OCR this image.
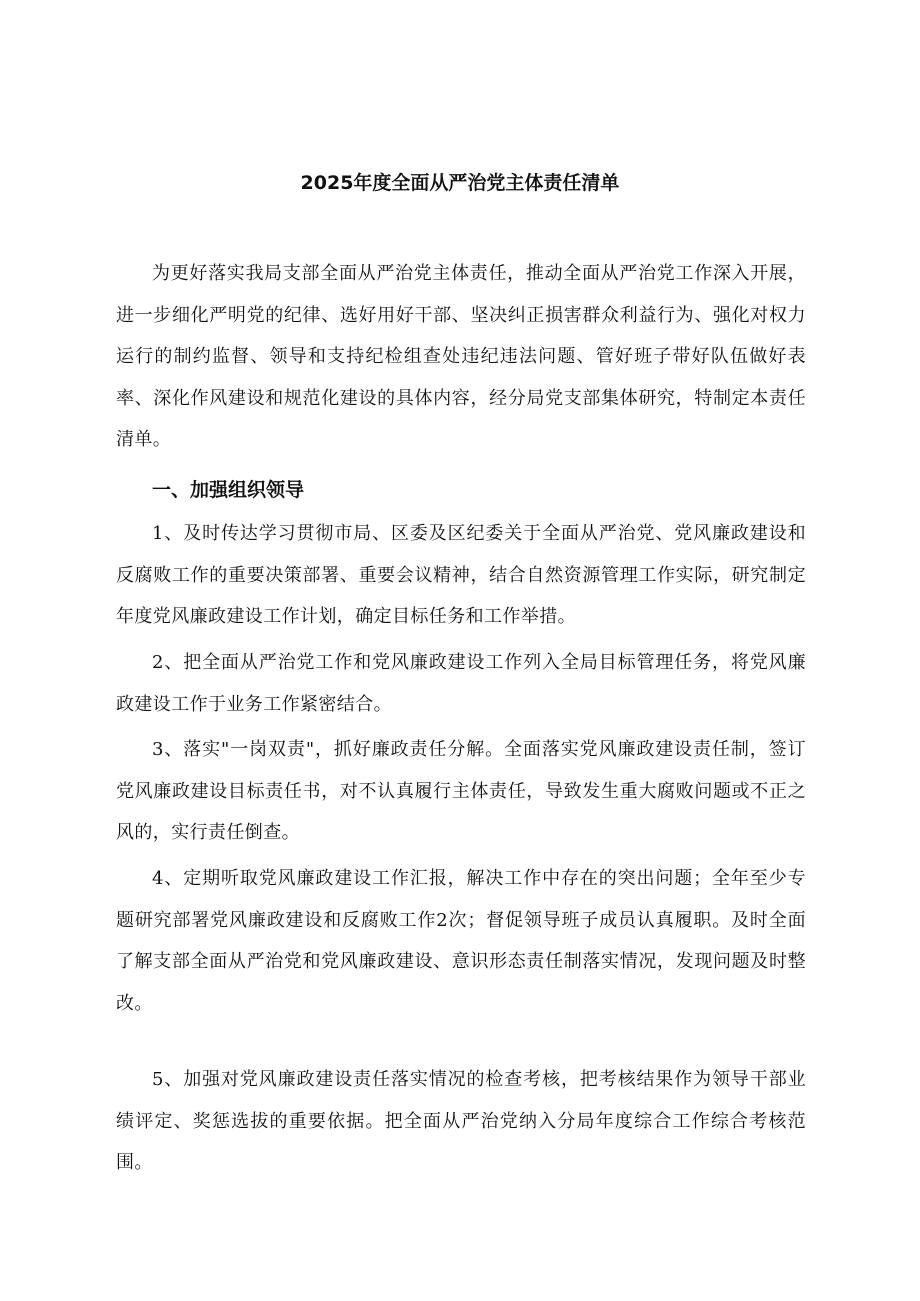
2025年度全面从严治党主体责任清单

为更好落实我局支部全面从严治党主体责任，推动全面从严治党工作深入开展，进一步细化严明党的纪律、选好用好干部、坚决纠正损害群众利益行为、强化对权力运行的制约监督、领导和支持纪检组查处违纪违法问题、管好班子带好队伍做好表率、深化作风建设和规范化建设的具体内容，经分局党支部集体研究，特制定本责任清单。

一、加强组织领导

1、及时传达学习贯彻市局、区委及区纪委关于全面从严治党、党风廉政建设和反腐败工作的重要决策部署、重要会议精神，结合自然资源管理工作实际，研究制定年度党风廉政建设工作计划，确定目标任务和工作举措。

2、把全面从严治党工作和党风廉政建设工作列入全局目标管理任务，将党风廉政建设工作于业务工作紧密结合。

3、落实"一岗双责"，抓好廉政责任分解。全面落实党风廉政建设责任制，签订党风廉政建设目标责任书，对不认真履行主体责任，导致发生重大腐败问题或不正之风的，实行责任倒查。

4、定期听取党风廉政建设工作汇报，解决工作中存在的突出问题；全年至少专题研究部署党风廉政建设和反腐败工作2次；督促领导班子成员认真履职。及时全面了解支部全面从严治党和党风廉政建设、意识形态责任制落实情况，发现问题及时整改。

5、加强对党风廉政建设责任落实情况的检查考核，把考核结果作为领导干部业绩评定、奖惩选拔的重要依据。把全面从严治党纳入分局年度综合工作综合考核范围。
